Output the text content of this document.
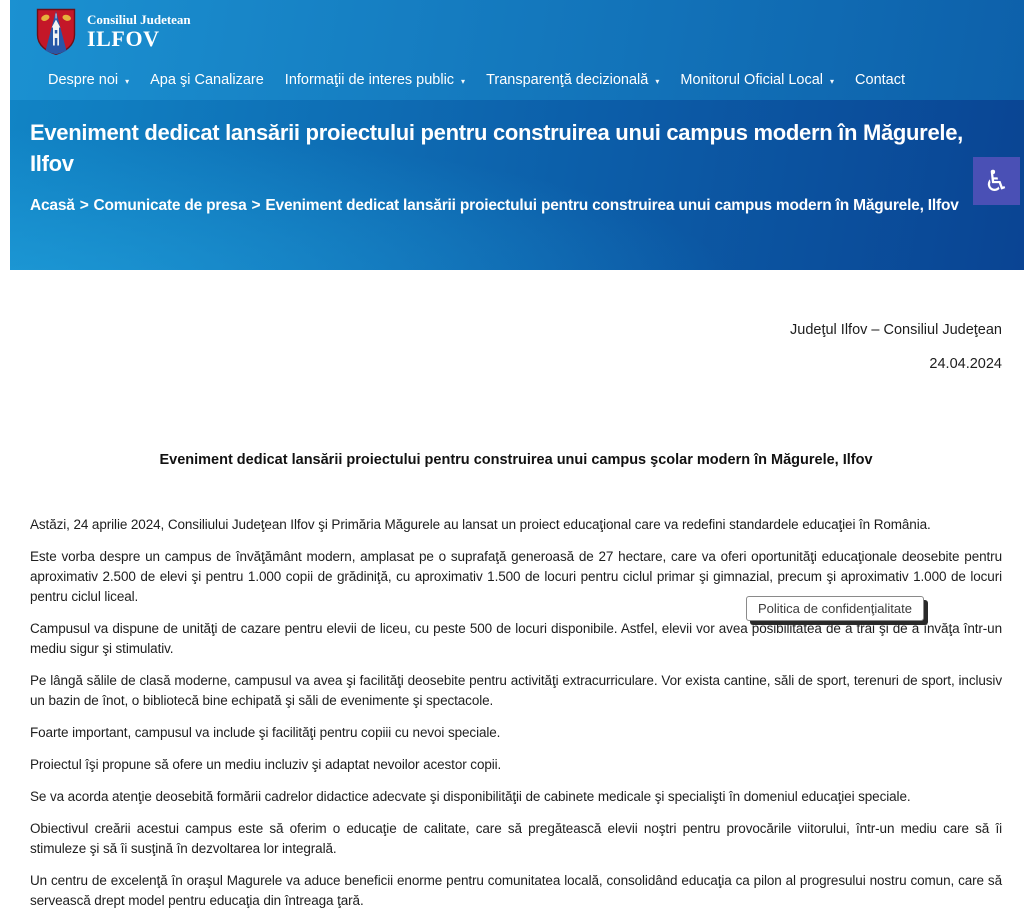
Consiliul Judetean
ILFOV
Despre noi ▾ Apa şi Canalizare Informaţii de interes public ▾ Transparenţă decizională ▾ Monitorul Oficial Local ▾ Contact
Eveniment dedicat lansării proiectului pentru construirea unui campus modern în Măgurele, Ilfov
Acasă > Comunicate de presa > Eveniment dedicat lansării proiectului pentru construirea unui campus modern în Măgurele, Ilfov
♿
Judeţul Ilfov – Consiliul Judeţean
24.04.2024
Eveniment dedicat lansării proiectului pentru construirea unui campus şcolar modern în Măgurele, Ilfov

Astăzi, 24 aprilie 2024, Consiliului Judeţean Ilfov şi Primăria Măgurele au lansat un proiect educaţional care va redefini standardele educaţiei în România.

Este vorba despre un campus de învăţământ modern, amplasat pe o suprafaţă generoasă de 27 hectare, care va oferi oportunităţi educaţionale deosebite pentru aproximativ 2.500 de elevi şi pentru 1.000 copii de grădiniţă, cu aproximativ 1.500 de locuri pentru ciclul primar şi gimnazial, precum şi aproximativ 1.000 de locuri pentru ciclul liceal.

Campusul va dispune de unităţi de cazare pentru elevii de liceu, cu peste 500 de locuri disponibile. Astfel, elevii vor avea posibilitatea de a trăi şi de a învăţa într-un mediu sigur şi stimulativ.

Pe lângă sălile de clasă moderne, campusul va avea şi facilităţi deosebite pentru activităţi extracurriculare. Vor exista cantine, săli de sport, terenuri de sport, inclusiv un bazin de înot, o bibliotecă bine echipată şi săli de evenimente şi spectacole.

Foarte important, campusul va include şi facilităţi pentru copiii cu nevoi speciale.

Proiectul îşi propune să ofere un mediu incluziv şi adaptat nevoilor acestor copii.

Se va acorda atenţie deosebită formării cadrelor didactice adecvate şi disponibilităţii de cabinete medicale şi specialişti în domeniul educaţiei speciale.

Obiectivul creării acestui campus este să oferim o educaţie de calitate, care să pregătească elevii noştri pentru provocările viitorului, într-un mediu care să îi stimuleze şi să îi susţină în dezvoltarea lor integrală.

Un centru de excelenţă în oraşul Magurele va aduce beneficii enorme pentru comunitatea locală, consolidând educaţia ca pilon al progresului nostru comun, care să servească drept model pentru educaţia din întreaga ţară.

Politica de confidenţialitate
